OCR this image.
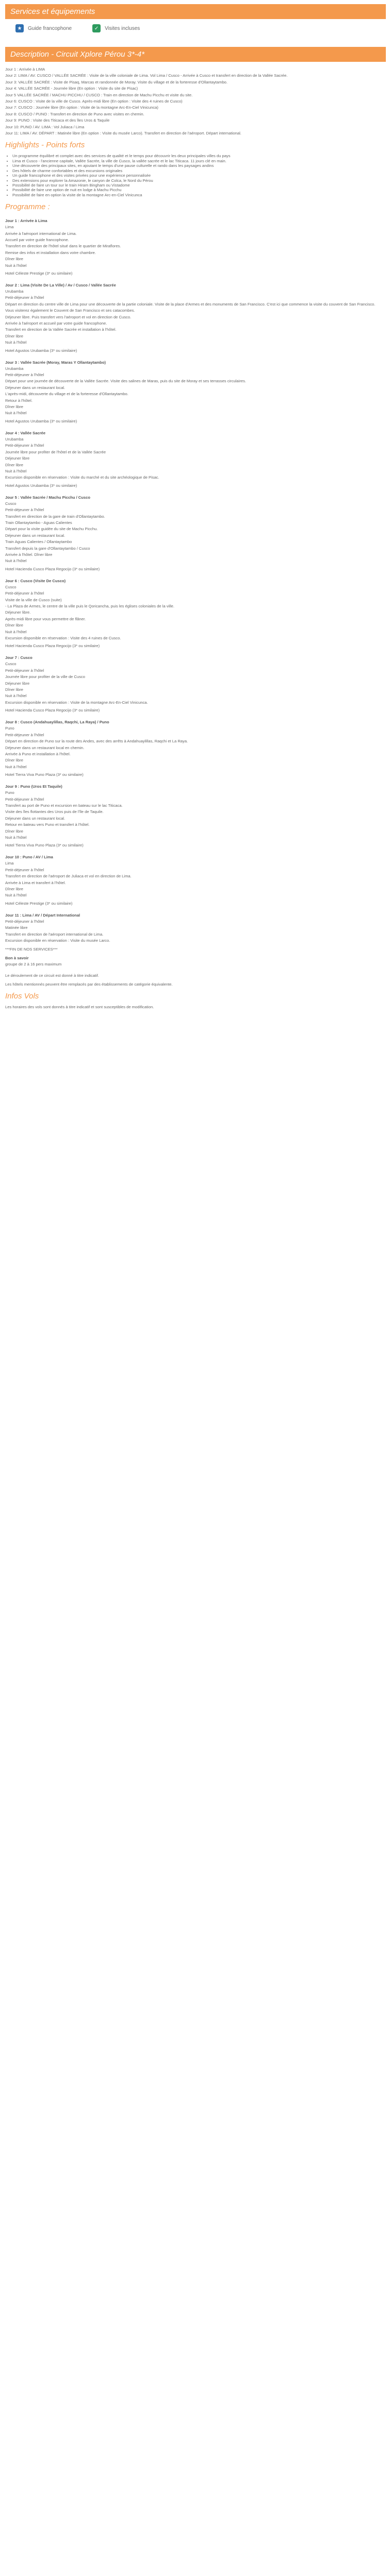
Services et équipements
★	Guide francophone	✓	Visites incluses
Description - Circuit Xplore Pérou 3*-4*

Jour 1 : Arrivée à LIMA

Jour 2: LIMA / AV. CUSCO / VALLÉE SACRÉE : Visite de la ville coloniale de Lima. Vol Lima / Cusco - Arrivée à Cusco et transfert en direction de la Vallée Sacrée.

Jour 3: VALLÉE SACRÉE : Visite de Pisaq, Marcas et randonnée de Moray. Visite du village et de la forteresse d'Ollantaytambo.

Jour 4: VALLÉE SACRÉE - Journée libre (En option : Visite du site de Pisac)

Jour 5 VALLÉE SACRÉE / MACHU PICCHU / CUSCO : Train en direction de Machu Picchu et visite du site.

Jour 6: CUSCO : Visite de la ville de Cusco. Après-midi libre (En option : Visite des 4 ruines de Cusco)

Jour 7: CUSCO : Journée libre (En option : Visite de la montagne Arc-En-Ciel Vinicunca)

Jour 8: CUSCO / PUNO : Transfert en direction de Puno avec visites en chemin.

Jour 9: PUNO : Visite des Titicaca et des îles Uros & Taquile

Jour 10: PUNO / AV. LIMA : Vol Juliaca / Lima

Jour 11: LIMA / AV. DÉPART : Matinée libre (En option : Visite du musée Larco). Transfert en direction de l'aéroport. Départ international.

Highlights - Points forts
• Un programme équilibré et complet avec des services de qualité et le temps pour découvrir les deux principales villes du pays
• Lima et Cusco - l'ancienne capitale, Vallée Sacrée, la ville de Cusco, la vallée sacrée et le lac Titicaca. 11 jours clé en main.
• Une découverte des principaux sites, en ajoutant le temps d'une pause culturelle et rando dans les paysages andins
• Des hôtels de charme confortables et des excursions originales
• Un guide francophone et des visites privées pour une expérience personnalisée
• Des extensions pour explorer la Amazonie, le canyon de Colca, le Nord du Pérou
• Possibilité de faire un tour sur le train Hiram Bingham ou Vistadome
• Possibilité de faire une option de nuit en lodge à Machu Picchu
• Possibilité de faire en option la visite de la montagne Arc-en-Ciel Vinicunca
Programme :
Jour 1 : Arrivée à Lima

Lima

Arrivée à l'aéroport international de Lima.

Accueil par votre guide francophone.

Transfert en direction de l'hôtel situé dans le quartier de Miraflores.

Remise des infos et installation dans votre chambre.

Dîner libre

Nuit à l'hôtel

Hotel Céleste Prestige (3* ou similaire)
Jour 2 : Lima (Visite De La Ville) / Av / Cusco / Vallée Sacrée

Urubamba

Petit-déjeuner à l'hôtel

Départ en direction du centre ville de Lima pour une découverte de la partie coloniale. Visite de la place d'Armes et des monuments de San Francisco. C'est ici que commence la visite du couvent de San Francisco.

Vous visiterez également le Couvent de San Francisco et ses catacombes.

Déjeuner libre. Puis transfert vers l'aéroport et vol en direction de Cusco.

Arrivée à l'aéroport et accueil par votre guide francophone.

Transfert en direction de la Vallée Sacrée et installation à l'hôtel.

Dîner libre

Nuit à l'hôtel

Hotel Agustos Urubamba (3* ou similaire)
Jour 3 : Vallée Sacrée (Moray, Maras Y Ollantaytambo)

Urubamba

Petit-déjeuner à l'hôtel

Départ pour une journée de découverte de la Vallée Sacrée. Visite des salines de Maras, puis du site de Moray et ses terrasses circulaires.

Déjeuner dans un restaurant local.

L'après-midi, découverte du village et de la forteresse d'Ollantaytambo.

Retour à l'hôtel.

Dîner libre

Nuit à l'hôtel

Hotel Agustos Urubamba (3* ou similaire)
Jour 4 : Vallée Sacrée

Urubamba

Petit-déjeuner à l'hôtel

Journée libre pour profiter de l'hôtel et de la Vallée Sacrée

Déjeuner libre

Dîner libre

Nuit à l'hôtel

Excursion disponible en réservation : Visite du marché et du site archéologique de Pisac.

Hotel Agustos Urubamba (3* ou similaire)
Jour 5 : Vallée Sacrée / Machu Picchu / Cusco

Cusco

Petit-déjeuner à l'hôtel

Transfert en direction de la gare de train d'Ollantaytambo.

Train Ollantaytambo - Aguas Calientes

Départ pour la visite guidée du site de Machu Picchu.

Déjeuner dans un restaurant local.

Train Aguas Calientes / Ollantaytambo

Transfert depuis la gare d'Ollantaytambo / Cusco

Arrivée à l'hôtel. Dîner libre

Nuit à l'hôtel

Hotel Hacienda Cusco Plaza Regocijo (3* ou similaire)
Jour 6 : Cusco (Visite De Cusco)

Cusco

Petit-déjeuner à l'hôtel

Visite de la ville de Cusco (suite)

- La Plaza de Armes, le centre de la ville puis le Qoricancha, puis les églises coloniales de la ville.

Déjeuner libre.

Après-midi libre pour vous permettre de flâner.

Dîner libre

Nuit à l'hôtel

Excursion disponible en réservation : Visite des 4 ruines de Cusco.

Hotel Hacienda Cusco Plaza Regocijo (3* ou similaire)
Jour 7 : Cusco

Cusco

Petit-déjeuner à l'hôtel

Journée libre pour profiter de la ville de Cusco

Déjeuner libre

Dîner libre

Nuit à l'hôtel

Excursion disponible en réservation : Visite de la montagne Arc-En-Ciel Vinicunca.

Hotel Hacienda Cusco Plaza Regocijo (3* ou similaire)
Jour 8 : Cusco (Andahuaylillas, Raqchi, La Raya) / Puno

Puno

Petit-déjeuner à l'hôtel

Départ en direction de Puno sur la route des Andes, avec des arrêts à Andahuaylillas, Raqchi et La Raya.

Déjeuner dans un restaurant local en chemin.

Arrivée à Puno et installation à l'hôtel.

Dîner libre

Nuit à l'hôtel

Hotel Tierra Viva Puno Plaza (3* ou similaire)
Jour 9 : Puno (Uros Et Taquile)

Puno

Petit-déjeuner à l'hôtel

Transfert au port de Puno et excursion en bateau sur le lac Titicaca.

Visite des îles flottantes des Uros puis de l'île de Taquile.

Déjeuner dans un restaurant local.

Retour en bateau vers Puno et transfert à l'hôtel.

Dîner libre

Nuit à l'hôtel

Hotel Tierra Viva Puno Plaza (3* ou similaire)
Jour 10 : Puno / AV / Lima

Lima

Petit-déjeuner à l'hôtel

Transfert en direction de l'aéroport de Juliaca et vol en direction de Lima.

Arrivée à Lima et transfert à l'hôtel.

Dîner libre

Nuit à l'hôtel

Hotel Céleste Prestige (3* ou similaire)
Jour 11 : Lima / AV / Départ International

Petit-déjeuner à l'hôtel

Matinée libre

Transfert en direction de l'aéroport international de Lima.

Excursion disponible en réservation : Visite du musée Larco.

***FIN DE NOS SERVICES***
Bon à savoir
groupe de 2 à 16 pers maximum

Le déroulement de ce circuit est donné à titre indicatif.

Les hôtels mentionnés peuvent être remplacés par des établissements de catégorie équivalente.

Infos Vols
Les horaires des vols sont donnés à titre indicatif et sont susceptibles de modification.
